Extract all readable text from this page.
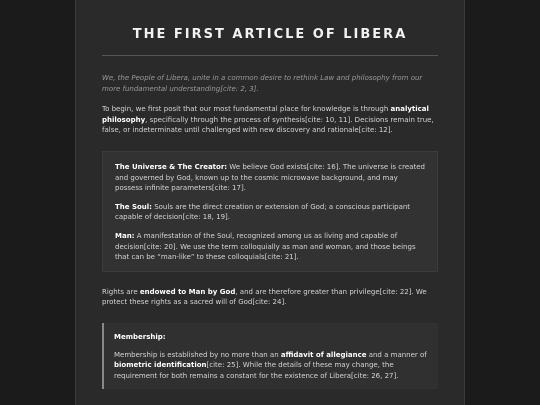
THE FIRST ARTICLE OF LIBERA

We, the People of Libera, unite in a common desire to rethink Law and philosophy from our more fundamental understanding[cite: 2, 3].

To begin, we first posit that our most fundamental place for knowledge is through analytical philosophy, specifically through the process of synthesis[cite: 10, 11]. Decisions remain true, false, or indeterminate until challenged with new discovery and rationale[cite: 12].

The Universe & The Creator: We believe God exists[cite: 16]. The universe is created and governed by God, known up to the cosmic microwave background, and may possess infinite parameters[cite: 17].

The Soul: Souls are the direct creation or extension of God; a conscious participant capable of decision[cite: 18, 19].

Man: A manifestation of the Soul, recognized among us as living and capable of decision[cite: 20]. We use the term colloquially as man and woman, and those beings that can be “man-like” to these colloquials[cite: 21].

Rights are endowed to Man by God, and are therefore greater than privilege[cite: 22]. We protect these rights as a sacred will of God[cite: 24].

Membership:

Membership is established by no more than an affidavit of allegiance and a manner of biometric identification[cite: 25]. While the details of these may change, the requirement for both remains a constant for the existence of Libera[cite: 26, 27].
